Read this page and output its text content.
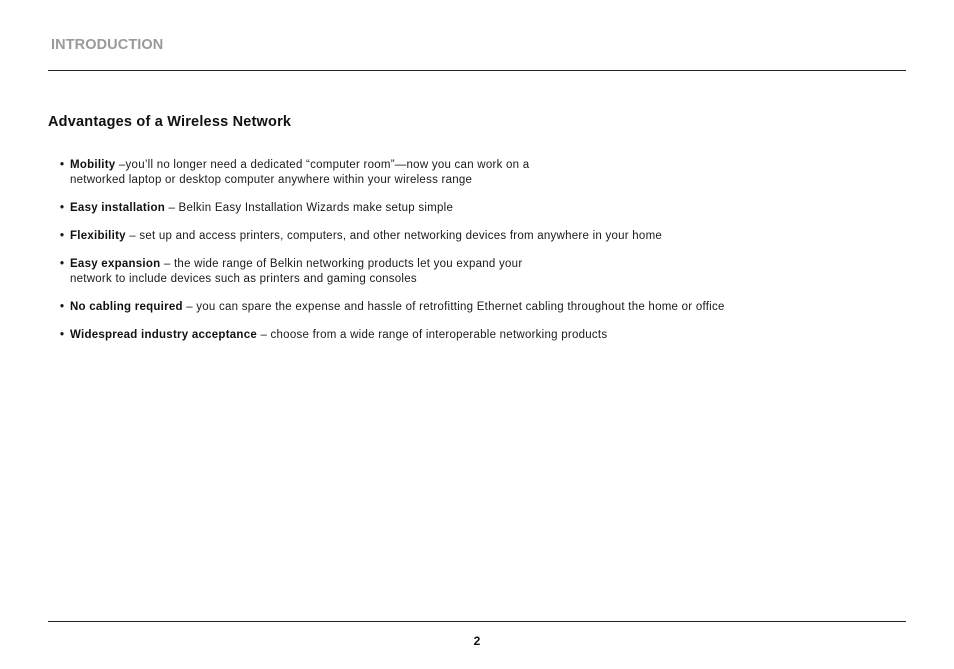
INTRODUCTION
Advantages of a Wireless Network
• Mobility –you’ll no longer need a dedicated “computer room”—now you can work on a
networked laptop or desktop computer anywhere within your wireless range
• Easy installation – Belkin Easy Installation Wizards make setup simple
• Flexibility – set up and access printers, computers, and other networking devices from anywhere in your home
• Easy expansion – the wide range of Belkin networking products let you expand your
network to include devices such as printers and gaming consoles
• No cabling required – you can spare the expense and hassle of retrofitting Ethernet cabling throughout the home or office
• Widespread industry acceptance – choose from a wide range of interoperable networking products
2
